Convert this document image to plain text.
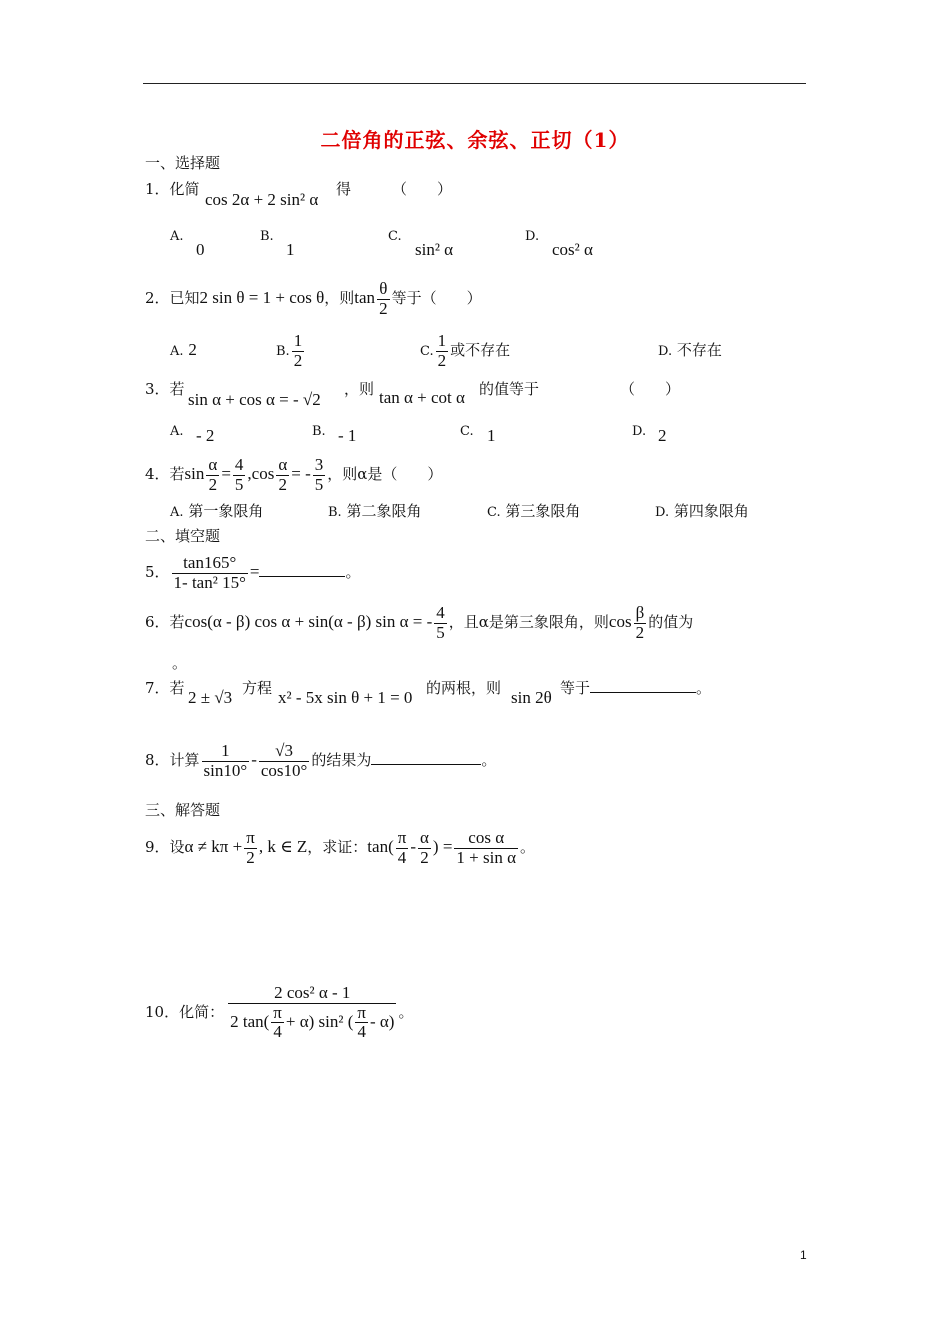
二倍角的正弦、余弦、正切（1）
一、选择题
1．化简
cos 2α + 2 sin² α
得	（　　）
A.
0
B.
1
C.
sin² α
D.
cos² α
2．已知2 sin θ = 1 + cos θ，则$\tan \frac{\theta}{2}$ 等于（　　）
A. 2	B. $\frac{1}{2}$	C. $\frac{1}{2}$ 或不存在	D. 不存在
3．若
sin α + cos α = - √2
，则 tan α + cot α 的值等于	（　　）
A. - 2	B. - 1	C. 1	D. 2
4．若$\sin \frac{\alpha}{2} = \frac{4}{5} ,\cos \frac{\alpha}{2}$ = - $\frac{3}{5}$ ，则α是（　　）
A. 第一象限角	B. 第二象限角	C. 第三象限角	D. 第四象限角
二、填空题
5． $\frac{\tan 165^\circ}{\text{1- tan² 15°}}$ =	。
6．若cos(α - β) cos α + sin(α - β) sin α = - $\frac{4}{5}$ ，且α是第三象限角，则$\cos \frac{\beta}{2}$ 的值为
。
7．若 2 ± √3 方程 x² - 5x sin θ + 1 = 0 的两根，则 sin 2θ 等于	。
8．计算 $\frac{1}{\sin 10^\circ} - \frac{√3}{\cos 10^\circ}$ 的结果为	。
三、解答题
9．设$\alpha \ne k\pi + \frac{\pi}{2}$ , k ∈ Z，求证：$\tan( \frac{\pi}{4} - \frac{\alpha}{2}$ ) = $\frac{\text{cos α}}{\text{1 + sin α}}$ 。
10．化简： $\frac{\text{2 cos² α - 1}}{2 \tan( \frac{\pi}{4} + \alpha) \sin^2 ( \frac{\pi}{4} - \alpha)}$ 。
1
